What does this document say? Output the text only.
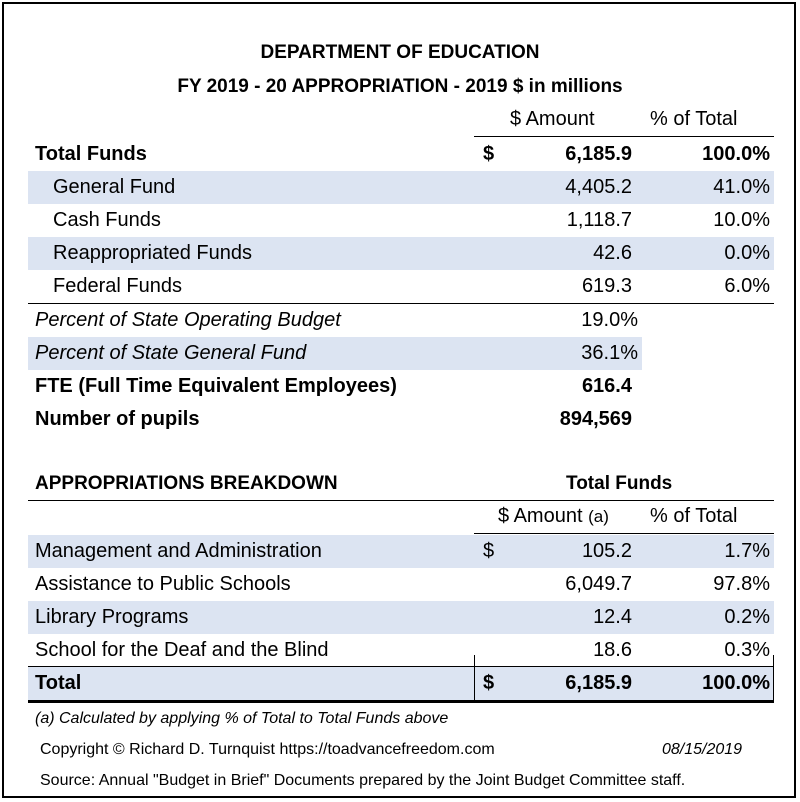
DEPARTMENT OF EDUCATION
FY 2019 - 20 APPROPRIATION - 2019 $ in millions
$ Amount	% of Total
Total Funds	$	6,185.9	100.0%
General Fund	4,405.2	41.0%
Cash Funds	1,118.7	10.0%
Reappropriated Funds	42.6	0.0%
Federal Funds	619.3	6.0%
Percent of State Operating Budget	19.0%
Percent of State General Fund	36.1%
FTE (Full Time Equivalent Employees)	616.4
Number of pupils	894,569
APPROPRIATIONS BREAKDOWN	Total Funds
$ Amount (a) % of Total
Management and Administration	$	105.2	1.7%
Assistance to Public Schools	6,049.7	97.8%
Library Programs	12.4	0.2%
School for the Deaf and the Blind	18.6	0.3%
Total	$	6,185.9	100.0%
(a) Calculated by applying % of Total to Total Funds above
Copyright © Richard D. Turnquist https://toadvancefreedom.com	08/15/2019
Source: Annual "Budget in Brief" Documents prepared by the Joint Budget Committee staff.
